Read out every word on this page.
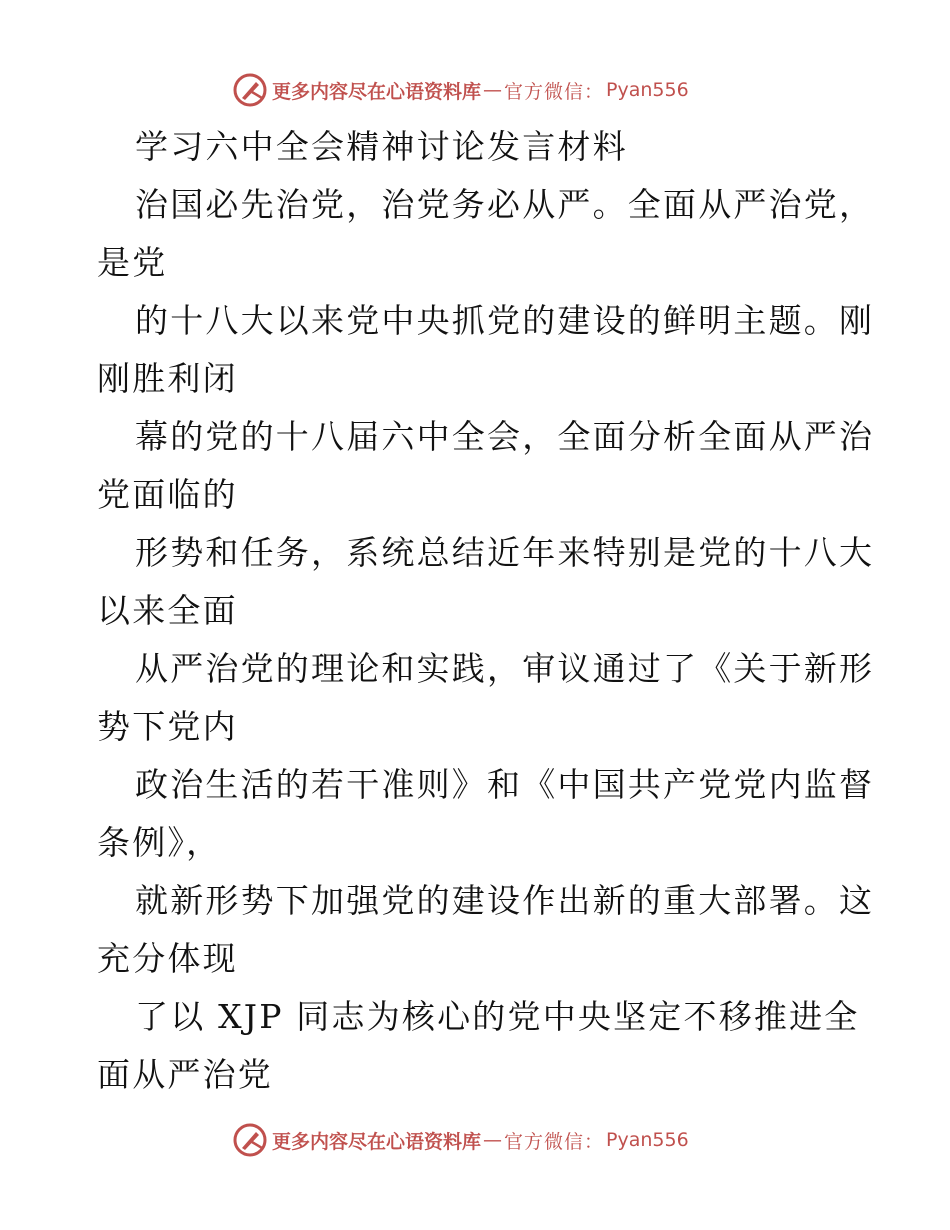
更多内容尽在心语资料库 — 官方微信： Pyan556
学习六中全会精神讨论发言材料
治国必先治党，治党务必从严。全面从严治党，
是党
的十八大以来党中央抓党的建设的鲜明主题。刚
刚胜利闭
幕的党的十八届六中全会，全面分析全面从严治
党面临的
形势和任务，系统总结近年来特别是党的十八大
以来全面
从严治党的理论和实践，审议通过了《关于新形
势下党内
政治生活的若干准则》和《中国共产党党内监督
条例》，
就新形势下加强党的建设作出新的重大部署。这
充分体现
了以 XJP 同志为核心的党中央坚定不移推进全
面从严治党
更多内容尽在心语资料库 — 官方微信： Pyan556
